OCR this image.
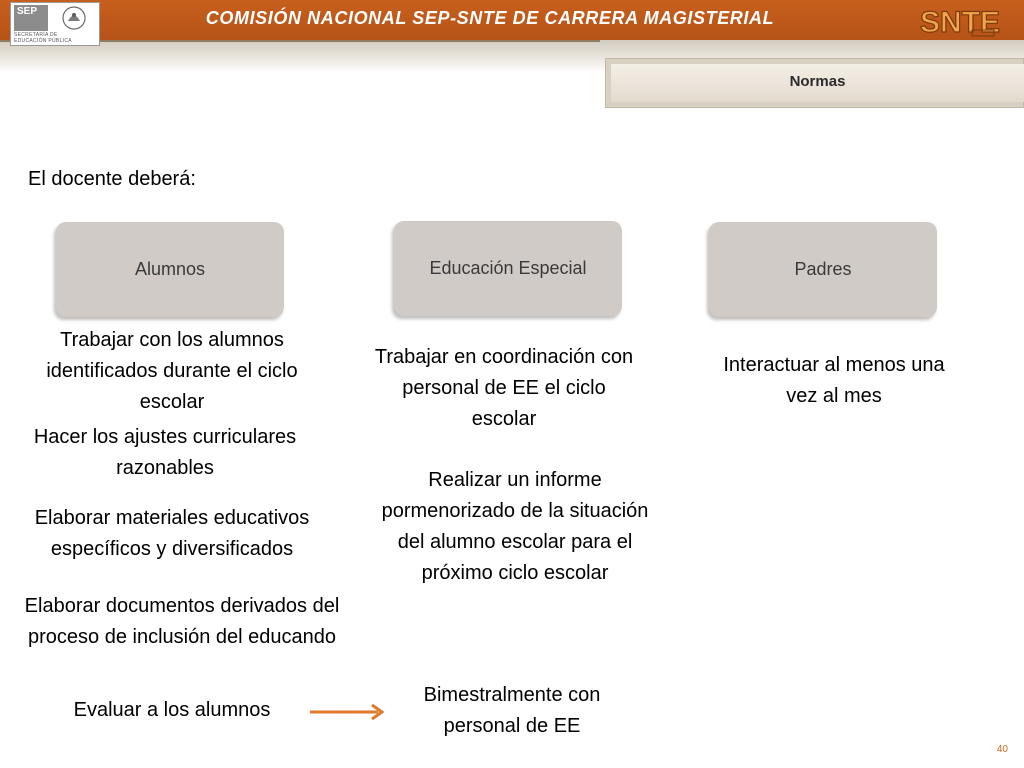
SEP
SECRETARÍA DE
EDUCACIÓN PÚBLICA
COMISIÓN NACIONAL SEP-SNTE DE CARRERA MAGISTERIAL	SNTE
Normas
El docente deberá:
Alumnos	Educación Especial	Padres
Trabajar con los alumnos identificados durante el ciclo escolar
Hacer los ajustes curriculares razonables
Elaborar materiales educativos específicos y diversificados
Elaborar documentos derivados del proceso de inclusión del educando
Trabajar en coordinación con personal de EE el ciclo escolar
Realizar un informe pormenorizado de la situación del alumno escolar para el próximo ciclo escolar
Interactuar al menos una vez al mes
Evaluar a los alumnos
Bimestralmente con personal de EE
40
